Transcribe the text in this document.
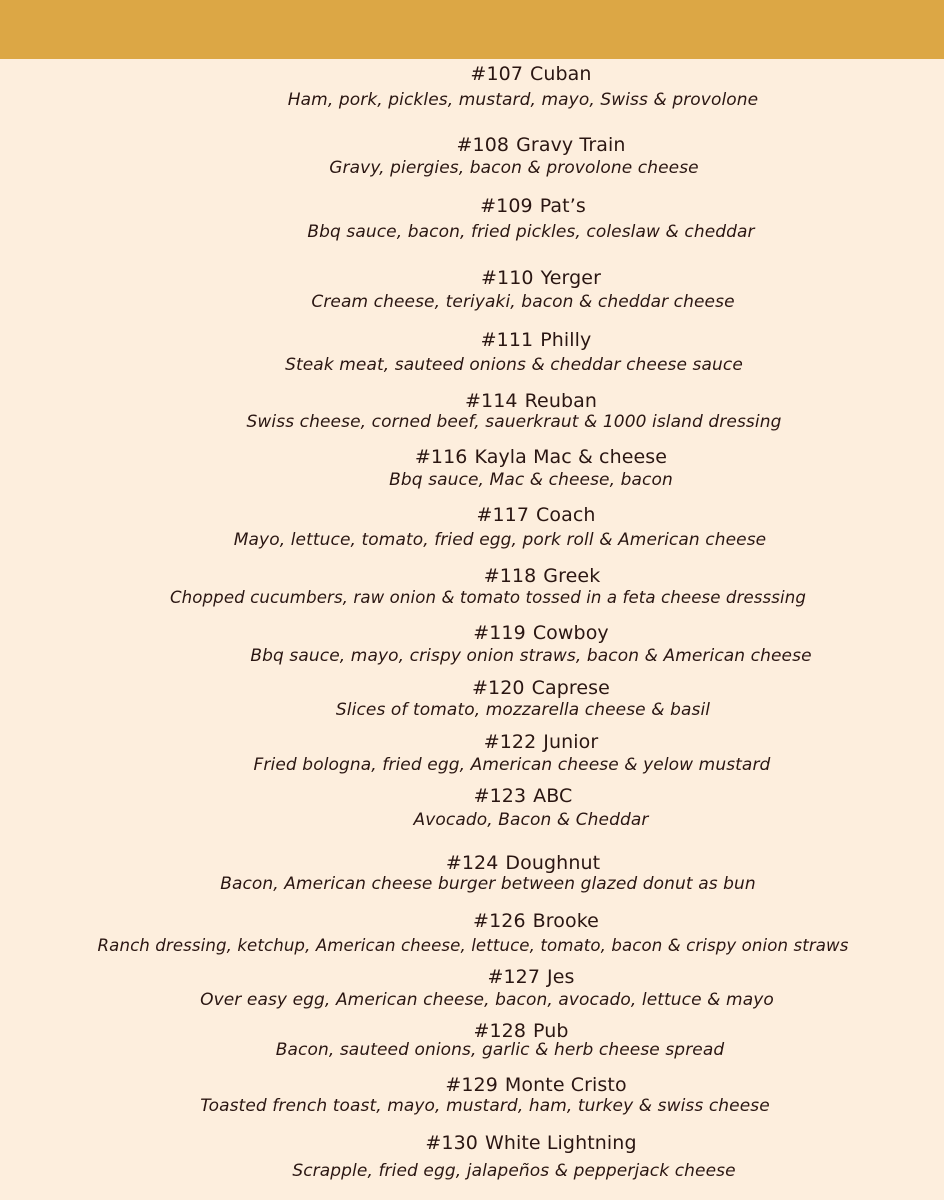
#107 Cuban
Ham, pork, pickles, mustard, mayo, Swiss & provolone
#108 Gravy Train
Gravy, piergies, bacon & provolone cheese
#109 Pat’s
Bbq sauce, bacon, fried pickles, coleslaw & cheddar
#110 Yerger
Cream cheese, teriyaki, bacon & cheddar cheese
#111 Philly
Steak meat, sauteed onions & cheddar cheese sauce
#114 Reuban
Swiss cheese, corned beef, sauerkraut & 1000 island dressing
#116 Kayla Mac & cheese
Bbq sauce, Mac & cheese, bacon
#117 Coach
Mayo, lettuce, tomato, fried egg, pork roll & American cheese
#118 Greek
Chopped cucumbers, raw onion & tomato tossed in a feta cheese dresssing
#119 Cowboy
Bbq sauce, mayo, crispy onion straws, bacon & American cheese
#120 Caprese
Slices of tomato, mozzarella cheese & basil
#122 Junior
Fried bologna, fried egg, American cheese & yelow mustard
#123 ABC
Avocado, Bacon & Cheddar
#124 Doughnut
Bacon, American cheese burger between glazed donut as bun
#126 Brooke
Ranch dressing, ketchup, American cheese, lettuce, tomato, bacon & crispy onion straws
#127 Jes
Over easy egg, American cheese, bacon, avocado, lettuce & mayo
#128 Pub
Bacon, sauteed onions, garlic & herb cheese spread
#129 Monte Cristo
Toasted french toast, mayo, mustard, ham, turkey & swiss cheese
#130 White Lightning
Scrapple, fried egg, jalapeños & pepperjack cheese
